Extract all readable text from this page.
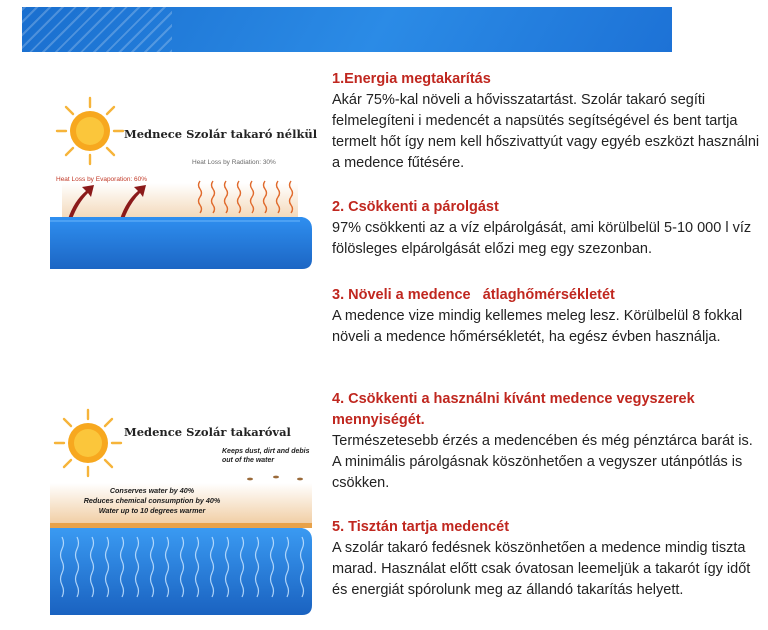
Mednece Szolár takaró nélkül
Heat Loss by Radiation: 30%
Heat Loss by Evaporation: 60%
Medence Szolár takaróval
Keeps dust, dirt and debis out of the water
Conserves water by 40%
Reduces chemical consumption by 40%
Water up to 10 degrees warmer
1.Energia megtakarítás
Akár 75%-kal növeli a hővisszatartást. Szolár takaró segíti felmelegíteni i medencét a napsütés segítségével és bent tartja termelt hőt így nem kell hőszivattyút vagy egyéb eszközt használni a medence fűtésére.
2. Csökkenti a párolgást
97% csökkenti az a víz elpárolgását, ami körülbelül 5-10 000 l víz fölösleges elpárolgását előzi meg egy szezonban.
3. Növeli a medence   átlaghőmérsékletét
A medence vize mindig kellemes meleg lesz. Körülbelül 8 fokkal növeli a medence hőmérsékletét, ha egész évben használja.
4. Csökkenti a használni kívánt medence vegyszerek mennyiségét.
Természetesebb érzés a medencében és még pénztárca barát is. A minimális párolgásnak köszönhetően a vegyszer utánpótlás is csökken.
5. Tisztán tartja medencét
A szolár takaró fedésnek köszönhetően a medence mindig tiszta marad. Használat előtt csak óvatosan leemeljük a takarót így időt és energiát spórolunk meg az állandó takarítás helyett.
